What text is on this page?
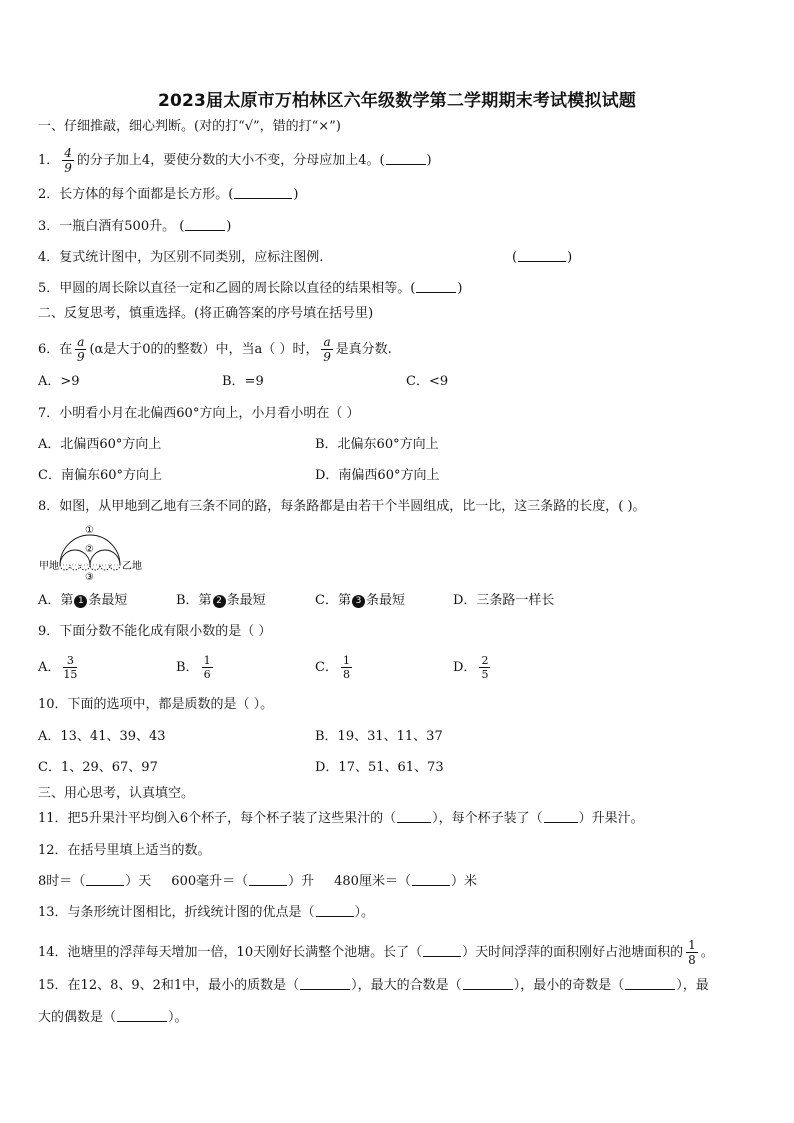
2023届太原市万柏林区六年级数学第二学期期末考试模拟试题
一、仔细推敲，细心判断。(对的打“√”，错的打“×”)
1． $\frac{4}{9}$ 的分子加上4，要使分数的大小不变，分母应加上4。(	)
2．长方体的每个面都是长方形。(	)
3．一瓶白酒有500升。 (	)
4．复式统计图中，为区别不同类别，应标注图例.	(	)
5．甲圆的周长除以直径一定和乙圆的周长除以直径的结果相等。(	)
二、反复思考，慎重选择。(将正确答案的序号填在括号里)
6．在 $\frac{a}{9} (\alpha$是大于0的的整数）中，当a（ ）时， $\frac{a}{9}$ 是真分数.
A．>9	B．=9	C．<9
7．小明看小月在北偏西60°方向上，小月看小明在（ ）
A．北偏西60°方向上	B．北偏东60°方向上
C．南偏东60°方向上	D．南偏西60°方向上
8．如图，从甲地到乙地有三条不同的路，每条路都是由若干个半圆组成，比一比，这三条路的长度，( )。
甲地	乙地
①
②
③
A．第 1 条最短	B．第 2 条最短	C．第 3 条最短	D．三条路一样长
9．下面分数不能化成有限小数的是（ ）
A． $\frac{3}{15}$	B． $\frac{1}{6}$	C． $\frac{1}{8}$	D． $\frac{2}{5}$
10．下面的选项中，都是质数的是（ ）。
A．13、41、39、43	B．19、31、11、37
C．1、29、67、97	D．17、51、61、73
三、用心思考，认真填空。
11．把5升果汁平均倒入6个杯子，每个杯子装了这些果汁的（	），每个杯子装了（	）升果汁。
12．在括号里填上适当的数。
8时＝（	）天 600毫升＝（	）升 480厘米＝（	）米
13．与条形统计图相比，折线统计图的优点是（	）。
14．池塘里的浮萍每天增加一倍，10天刚好长满整个池塘。长了（	）天时间浮萍的面积刚好占池塘面积的 $\frac{1}{8}$ 。
15．在12、8、9、2和1中，最小的质数是（	），最大的合数是（	），最小的奇数是（	），最
大的偶数是（	）。
